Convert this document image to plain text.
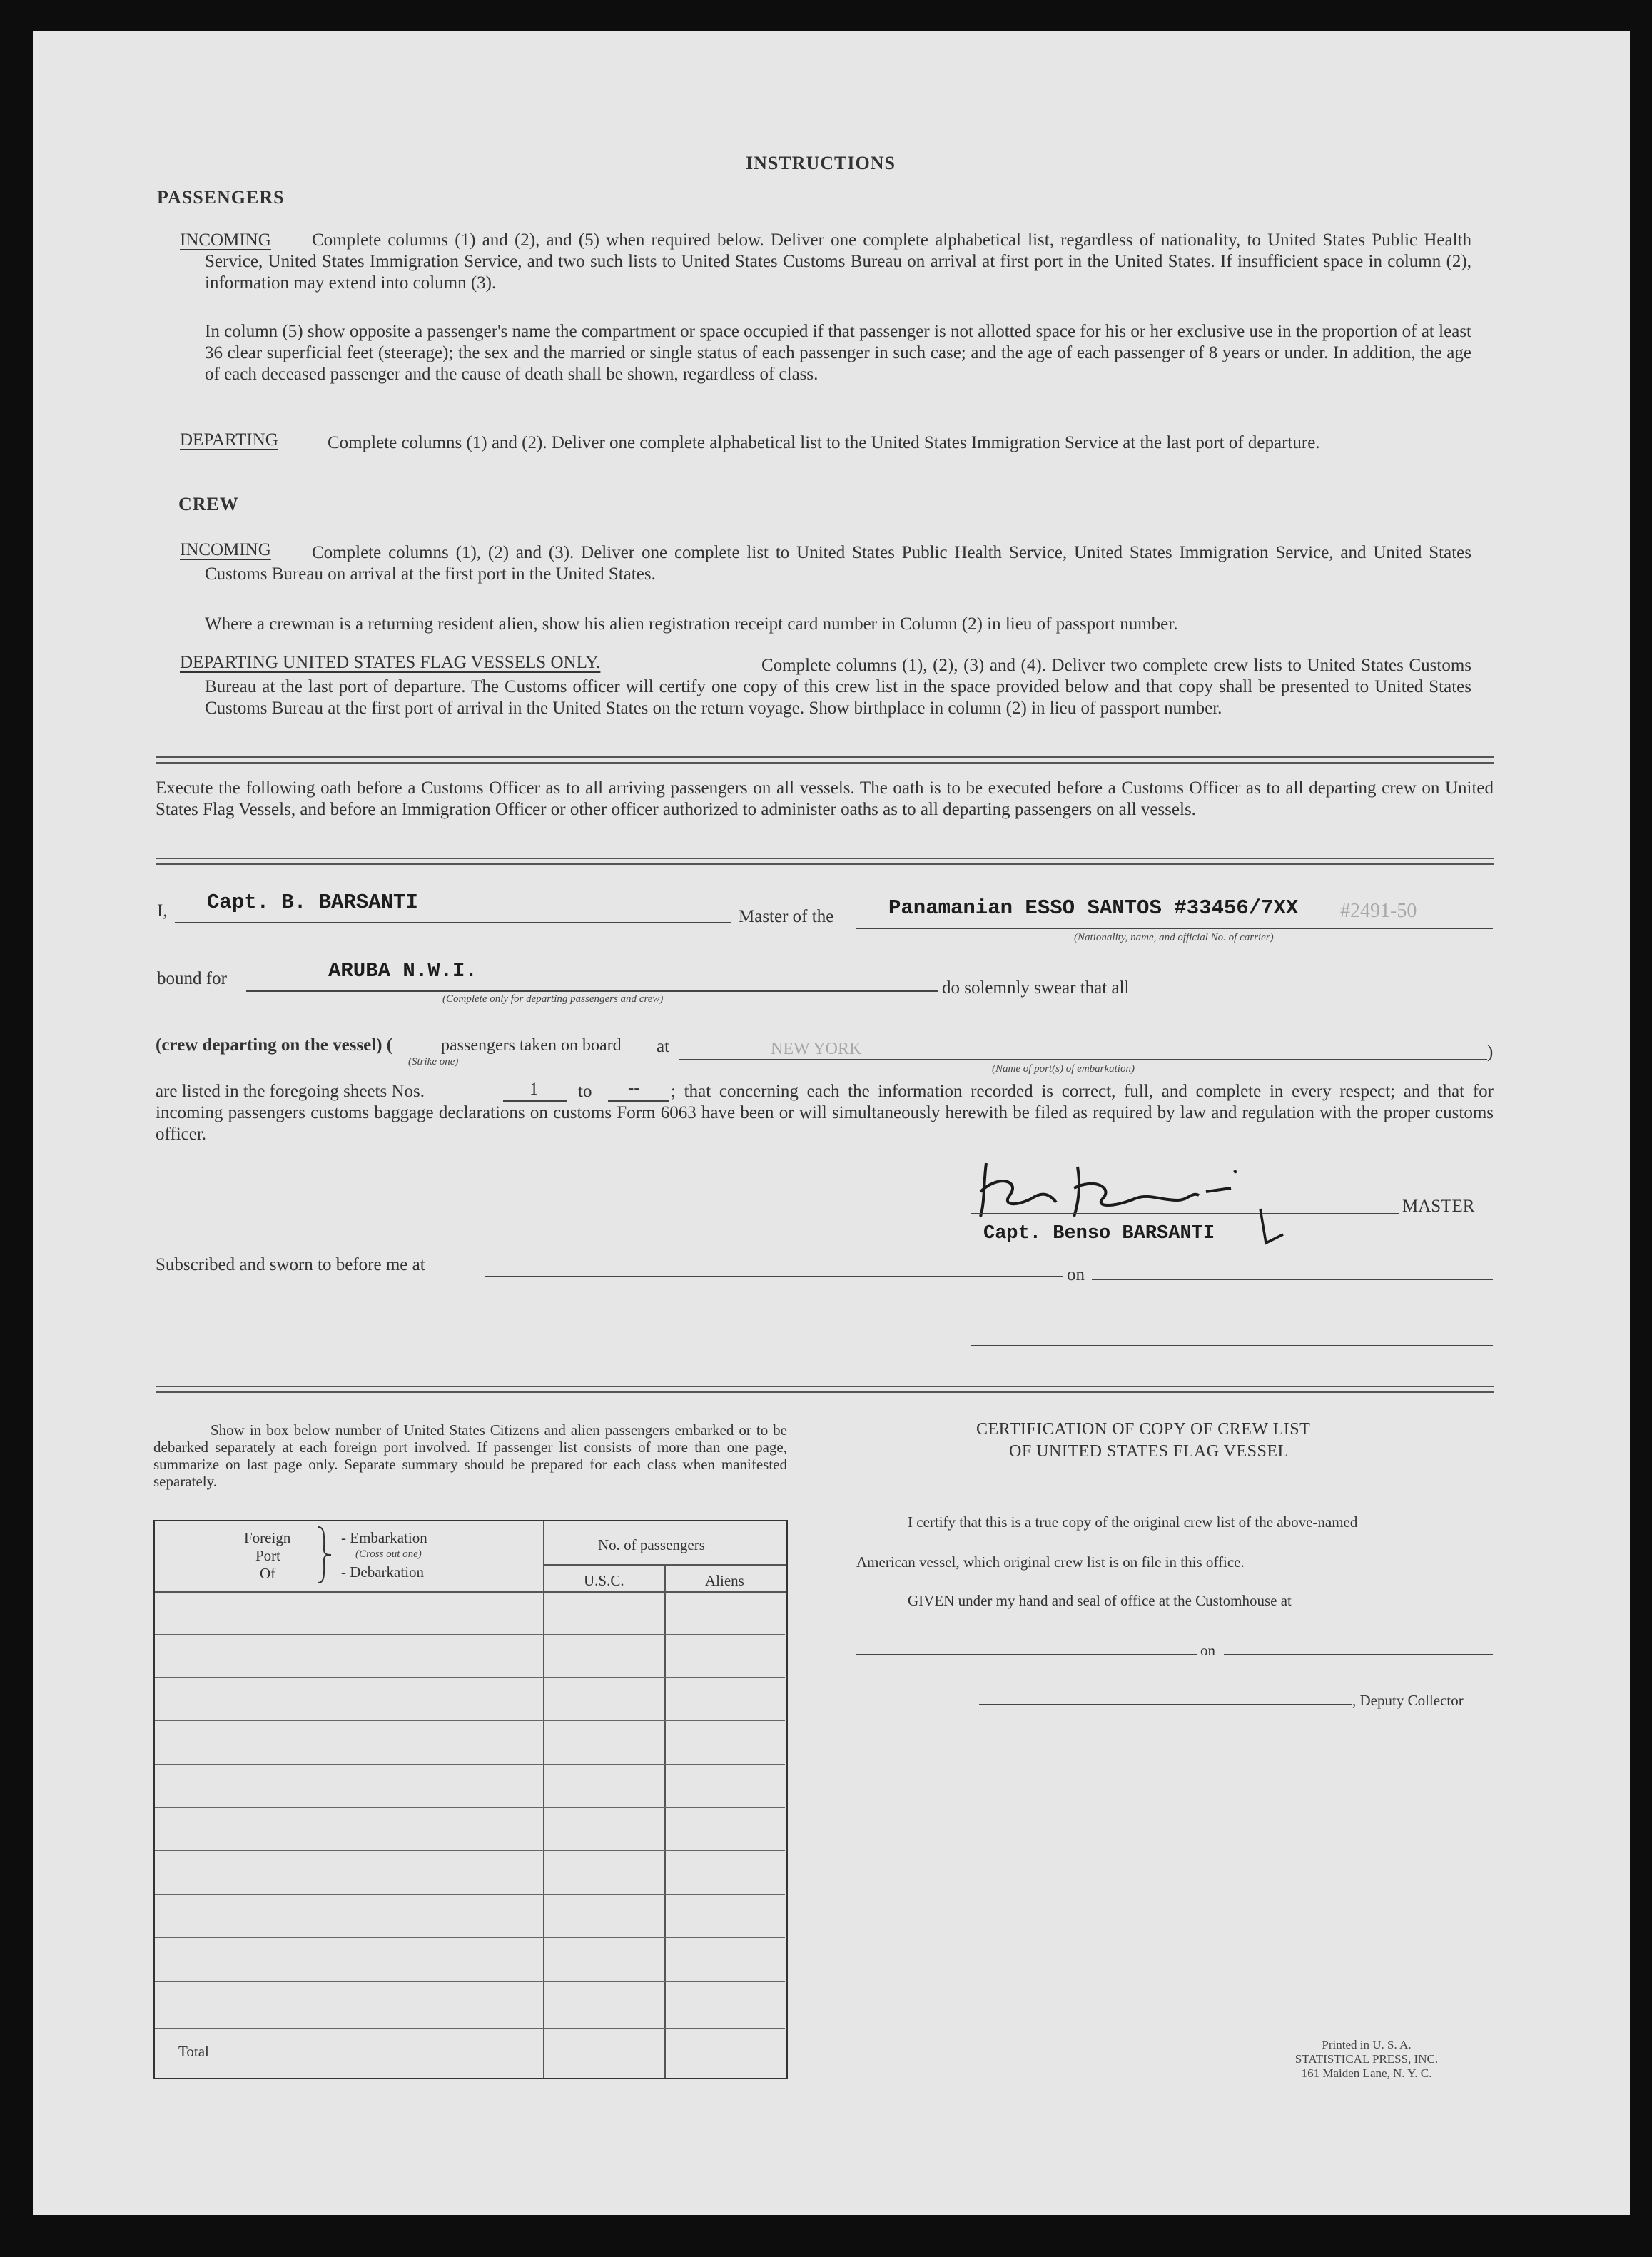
INSTRUCTIONS
PASSENGERS
INCOMING	Complete columns (1) and (2), and (5) when required below. Deliver one complete alphabetical list, regardless of nationality, to United States Public Health Service, United States Immigration Service, and two such lists to United States Customs Bureau on arrival at first port in the United States. If insufficient space in column (2), information may extend into column (3).
In column (5) show opposite a passenger's name the compartment or space occupied if that passenger is not allotted space for his or her exclusive use in the proportion of at least 36 clear superficial feet (steerage); the sex and the married or single status of each passenger in such case; and the age of each passenger of 8 years or under. In addition, the age of each deceased passenger and the cause of death shall be shown, regardless of class.
DEPARTING	Complete columns (1) and (2). Deliver one complete alphabetical list to the United States Immigration Service at the last port of departure.
CREW
INCOMING	Complete columns (1), (2) and (3). Deliver one complete list to United States Public Health Service, United States Immigration Service, and United States Customs Bureau on arrival at the first port in the United States.
Where a crewman is a returning resident alien, show his alien registration receipt card number in Column (2) in lieu of passport number.
DEPARTING UNITED STATES FLAG VESSELS ONLY.	Complete columns (1), (2), (3) and (4). Deliver two complete crew lists to United States Customs Bureau at the last port of departure. The Customs officer will certify one copy of this crew list in the space provided below and that copy shall be presented to United States Customs Bureau at the first port of arrival in the United States on the return voyage. Show birthplace in column (2) in lieu of passport number.
Execute the following oath before a Customs Officer as to all arriving passengers on all vessels. The oath is to be executed before a Customs Officer as to all departing crew on United States Flag Vessels, and before an Immigration Officer or other officer authorized to administer oaths as to all departing passengers on all vessels.
I, Capt. B. BARSANTI
Master of the	Panamanian ESSO SANTOS #33456/7XX #2491-50
(Nationality, name, and official No. of carrier)
bound for	ARUBA N.W.I.
(Complete only for departing passengers and crew)
do solemnly swear that all
(crew departing on the vessel) (	passengers taken on board
(Strike one)
at	NEW YORK
(Name of port(s) of embarkation)
)
are listed in the foregoing sheets Nos.	1 to --	; that concerning each the information recorded is correct, full, and complete in every respect; and that for incoming passengers customs baggage declarations on customs Form 6063 have been or will simultaneously herewith be filed as required by law and regulation with the proper customs officer.
MASTER
Capt. Benso BARSANTI
Subscribed and sworn to before me at
on
Show in box below number of United States Citizens and alien passengers embarked or to be debarked separately at each foreign port involved. If passenger list consists of more than one page, summarize on last page only. Separate summary should be prepared for each class when manifested separately.
Foreign
Port
Of
- Embarkation
(Cross out one)
- Debarkation
No. of passengers
U.S.C.	Aliens
Total
CERTIFICATION OF COPY OF CREW LIST
OF UNITED STATES FLAG VESSEL
I certify that this is a true copy of the original crew list of the above-named
American vessel, which original crew list is on file in this office.
GIVEN under my hand and seal of office at the Customhouse at
on
, Deputy Collector
Printed in U. S. A.
STATISTICAL PRESS, INC.
161 Maiden Lane, N. Y. C.
